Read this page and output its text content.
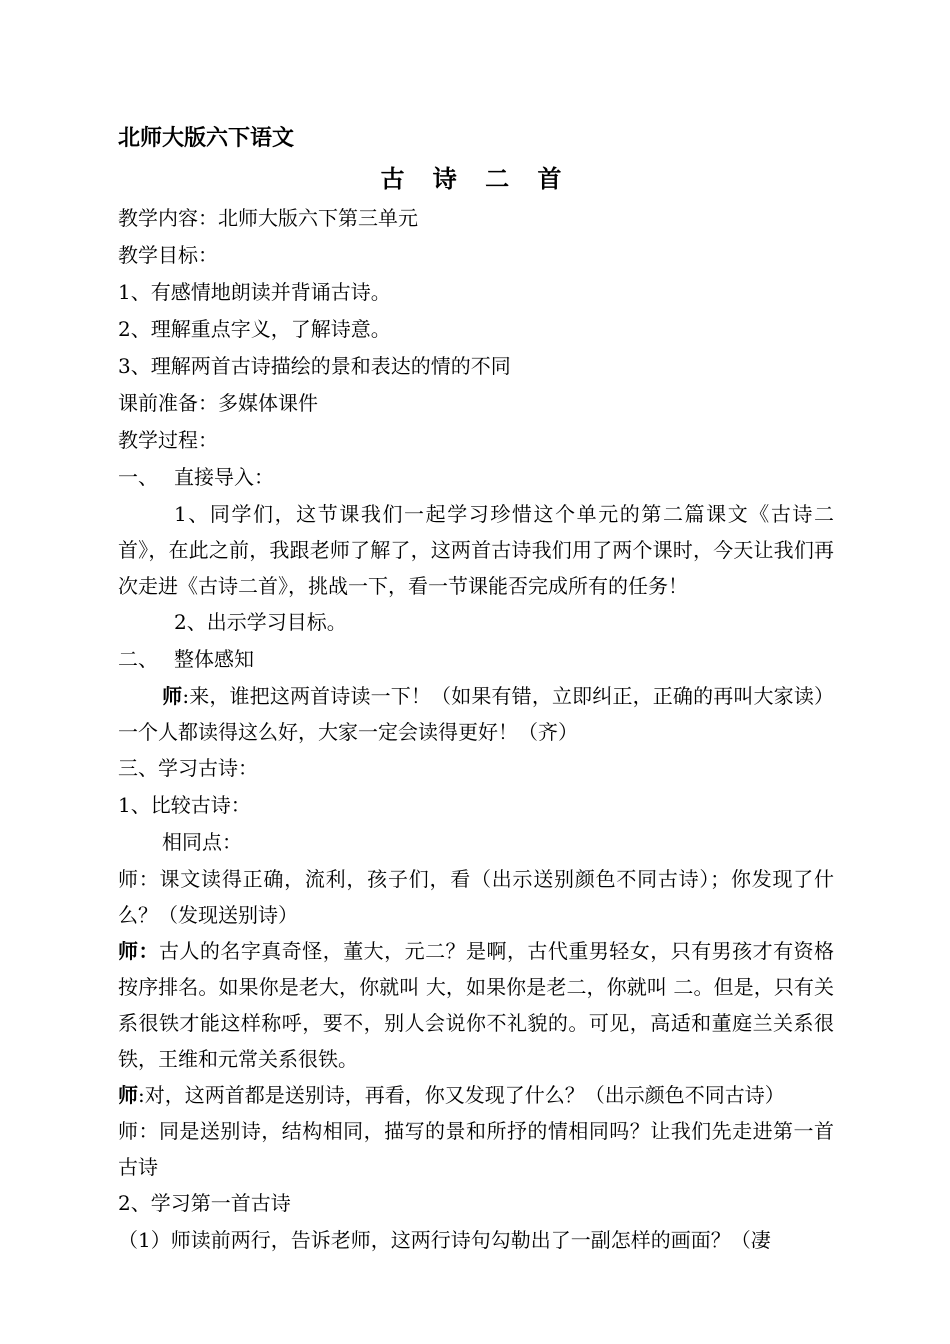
北师大版六下语文
古 诗 二 首
教学内容：北师大版六下第三单元
教学目标：
1、有感情地朗读并背诵古诗。
2、理解重点字义，了解诗意。
3、理解两首古诗描绘的景和表达的情的不同
课前准备：多媒体课件
教学过程：
一、 直接导入：
1、同学们，这节课我们一起学习珍惜这个单元的第二篇课文《古诗二首》，在此之前，我跟老师了解了，这两首古诗我们用了两个课时，今天让我们再次走进《古诗二首》，挑战一下，看一节课能否完成所有的任务！
2、出示学习目标。
二、 整体感知
师:来，谁把这两首诗读一下！（如果有错，立即纠正，正确的再叫大家读）一个人都读得这么好，大家一定会读得更好！（齐）
三、学习古诗：
1、比较古诗：
相同点：
师：课文读得正确，流利，孩子们，看（出示送别颜色不同古诗）；你发现了什么？（发现送别诗）
师：古人的名字真奇怪，董大，元二？是啊，古代重男轻女，只有男孩才有资格按序排名。如果你是老大，你就叫 大，如果你是老二，你就叫 二。但是，只有关系很铁才能这样称呼，要不，别人会说你不礼貌的。可见，高适和董庭兰关系很铁，王维和元常关系很铁。
师:对，这两首都是送别诗，再看，你又发现了什么？（出示颜色不同古诗）
师：同是送别诗，结构相同，描写的景和所抒的情相同吗？让我们先走进第一首古诗
2、学习第一首古诗
（1）师读前两行，告诉老师，这两行诗句勾勒出了一副怎样的画面？（凄
